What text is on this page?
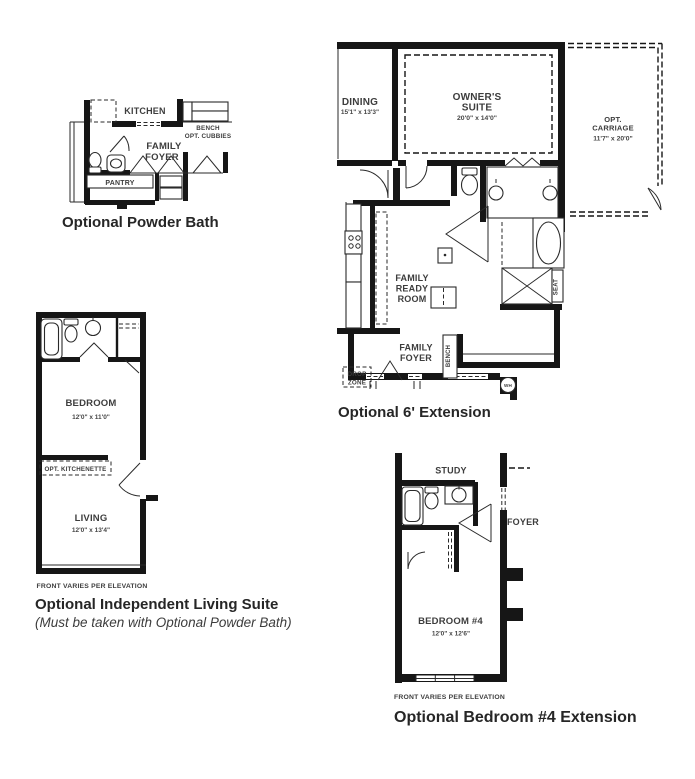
KITCHEN
BENCH
OPT. CUBBIES
FAMILY
FOYER
PANTRY
Optional Powder Bath
DINING
15'1" x 13'3"
OWNER'S
SUITE
20'0" x 14'0"	OPT.
CARRIAGE
11'7" x 20'0"
FAMILY
READY
ROOM
FAMILY
FOYER
DROP
ZONE
BENCH
SEAT
WH
Optional 6' Extension
BEDROOM
12'0" x 11'0"
OPT. KITCHENETTE
LIVING
12'0" x 13'4"
FRONT VARIES PER ELEVATION
Optional Independent Living Suite
(Must be taken with Optional Powder Bath)
STUDY
FOYER
BEDROOM #4
12'0" x 12'6"
FRONT VARIES PER ELEVATION
Optional Bedroom #4 Extension
